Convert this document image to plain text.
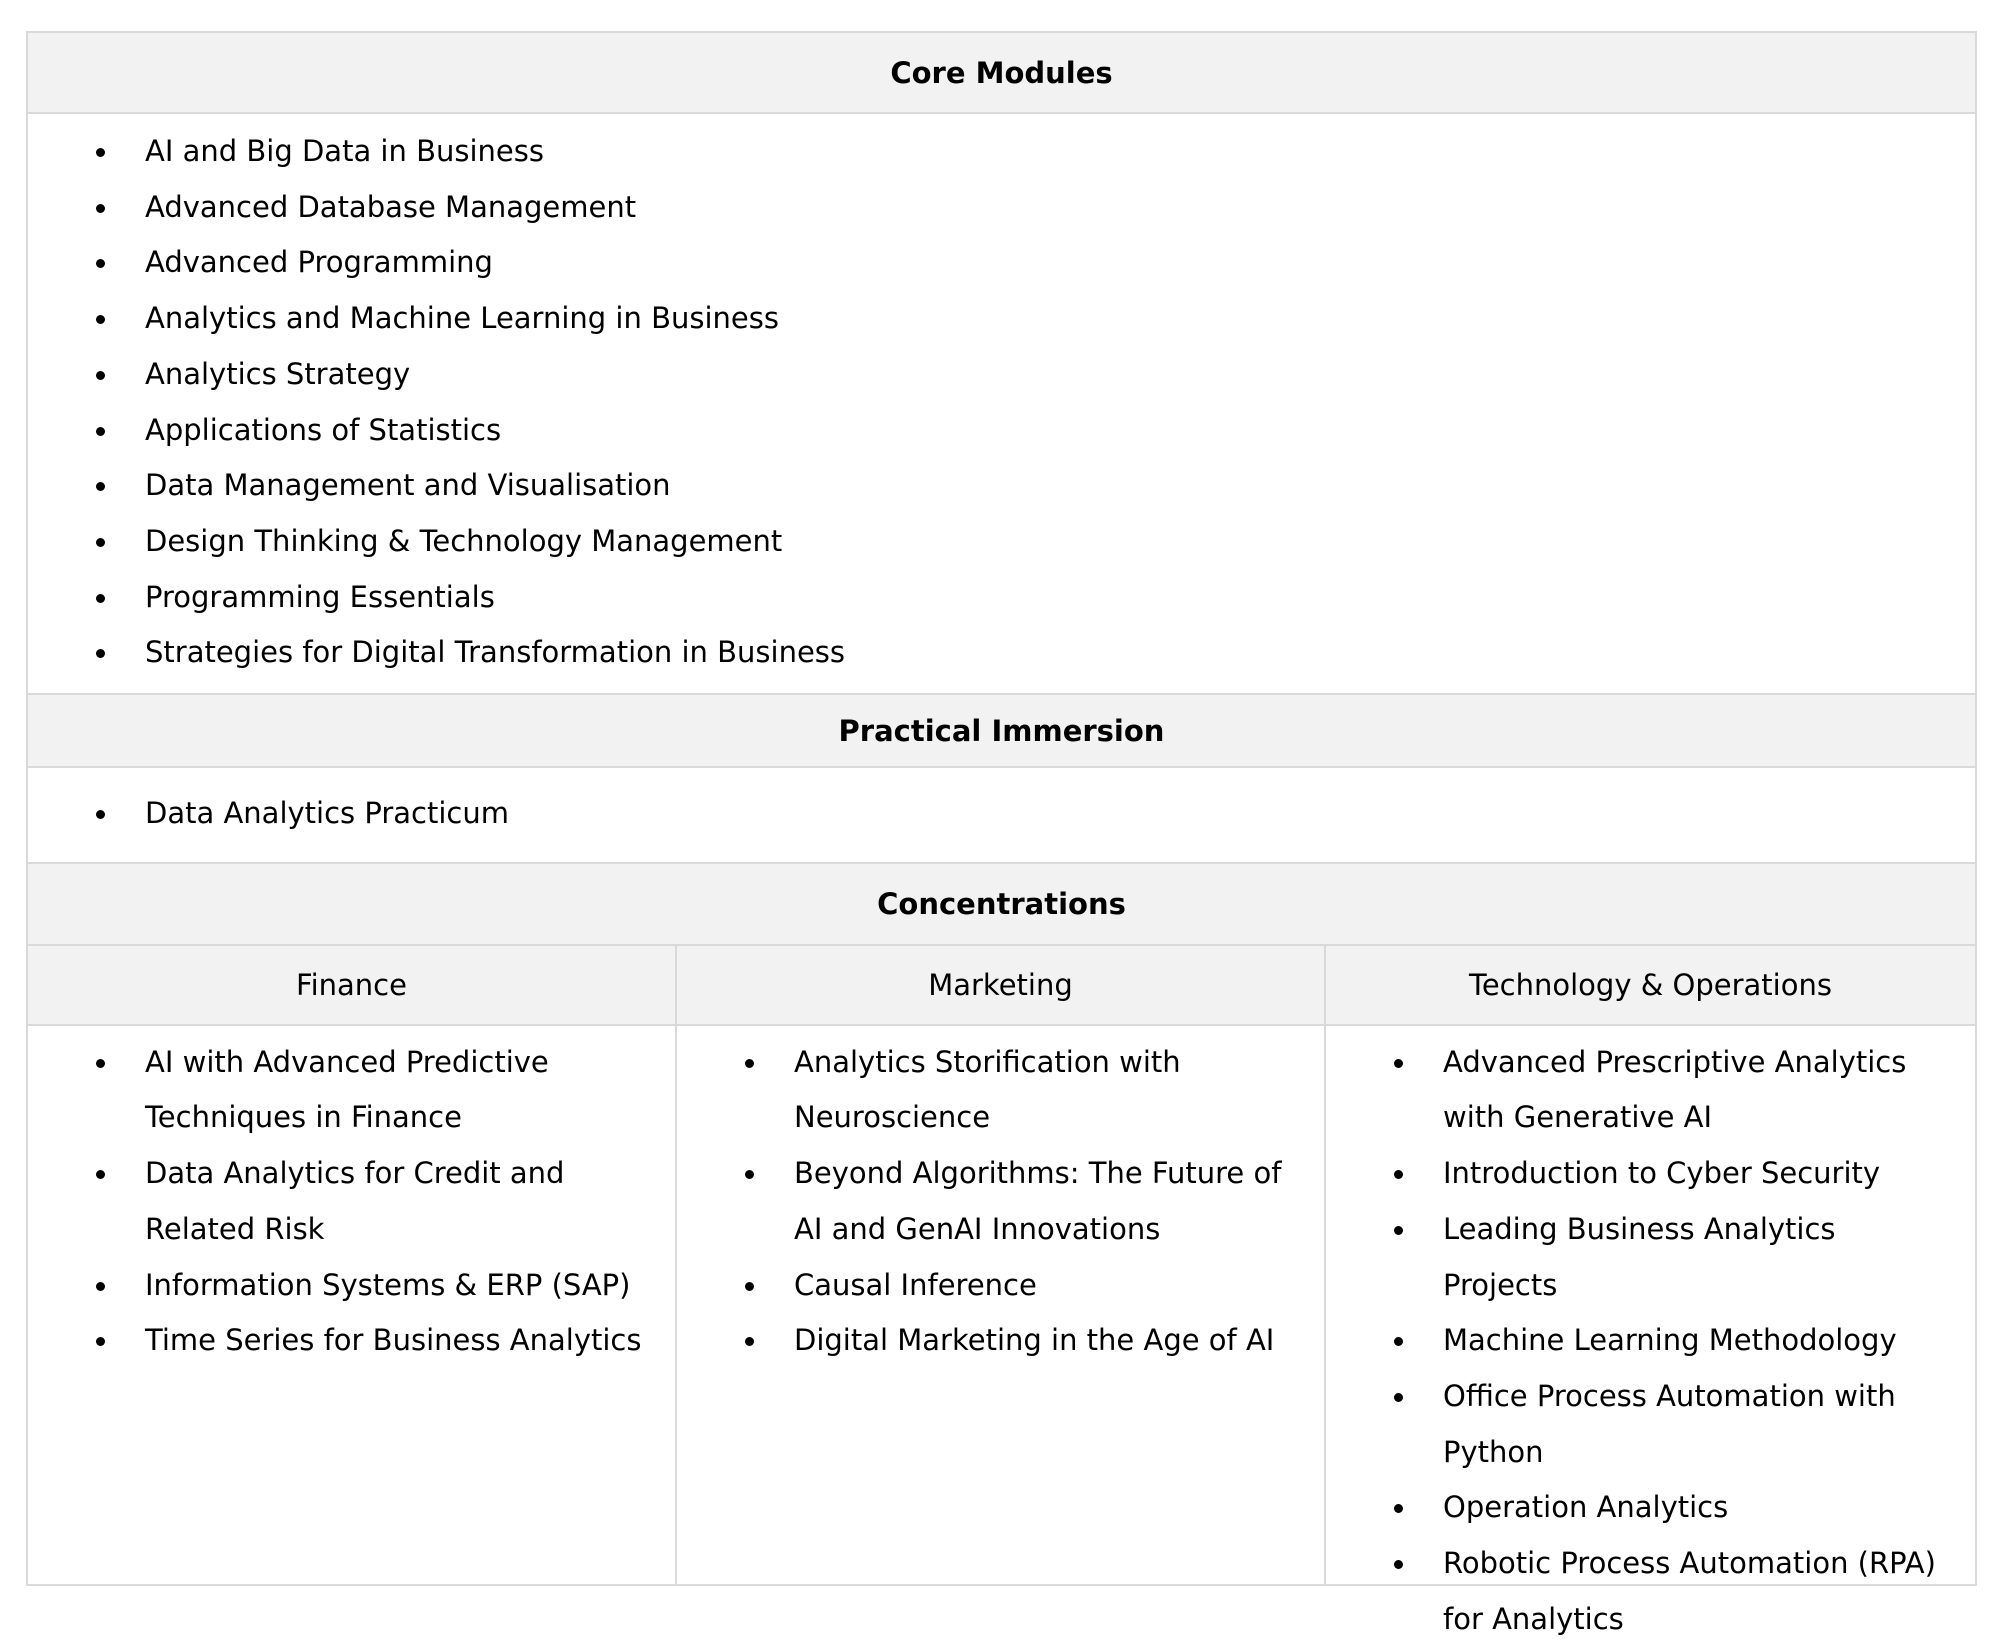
Core Modules
AI and Big Data in Business
Advanced Database Management
Advanced Programming
Analytics and Machine Learning in Business
Analytics Strategy
Applications of Statistics
Data Management and Visualisation
Design Thinking & Technology Management
Programming Essentials
Strategies for Digital Transformation in Business
Practical Immersion
Data Analytics Practicum
Concentrations
Finance	Marketing	Technology & Operations
AI with Advanced Predictive Techniques in Finance
Data Analytics for Credit and Related Risk
Information Systems & ERP (SAP)
Time Series for Business Analytics
Analytics Storification with Neuroscience
Beyond Algorithms: The Future of AI and GenAI Innovations
Causal Inference
Digital Marketing in the Age of AI
Advanced Prescriptive Analytics with Generative AI
Introduction to Cyber Security
Leading Business Analytics Projects
Machine Learning Methodology
Office Process Automation with Python
Operation Analytics
Robotic Process Automation (RPA) for Analytics
